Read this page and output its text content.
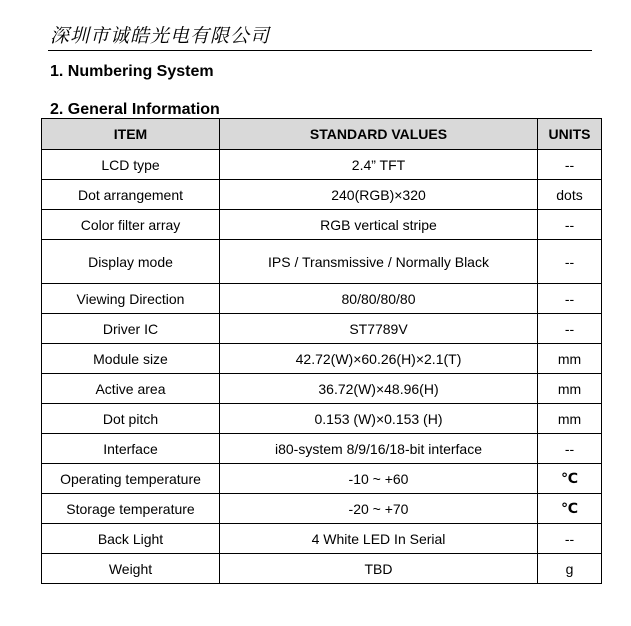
深圳市诚皓光电有限公司
1. Numbering System
2. General Information
ITEM	STANDARD VALUES	UNITS
LCD type	2.4” TFT	--
Dot arrangement	240(RGB)×320	dots
Color filter array	RGB vertical stripe	--
Display mode	IPS / Transmissive / Normally Black	--
Viewing Direction	80/80/80/80	--
Driver IC	ST7789V	--
Module size	42.72(W)×60.26(H)×2.1(T)	mm
Active area	36.72(W)×48.96(H)	mm
Dot pitch	0.153 (W)×0.153 (H)	mm
Interface	i80-system 8/9/16/18-bit interface	--
Operating temperature	-10 ~ +60	℃
Storage temperature	-20 ~ +70	℃
Back Light	4 White LED In Serial	--
Weight	TBD	g
